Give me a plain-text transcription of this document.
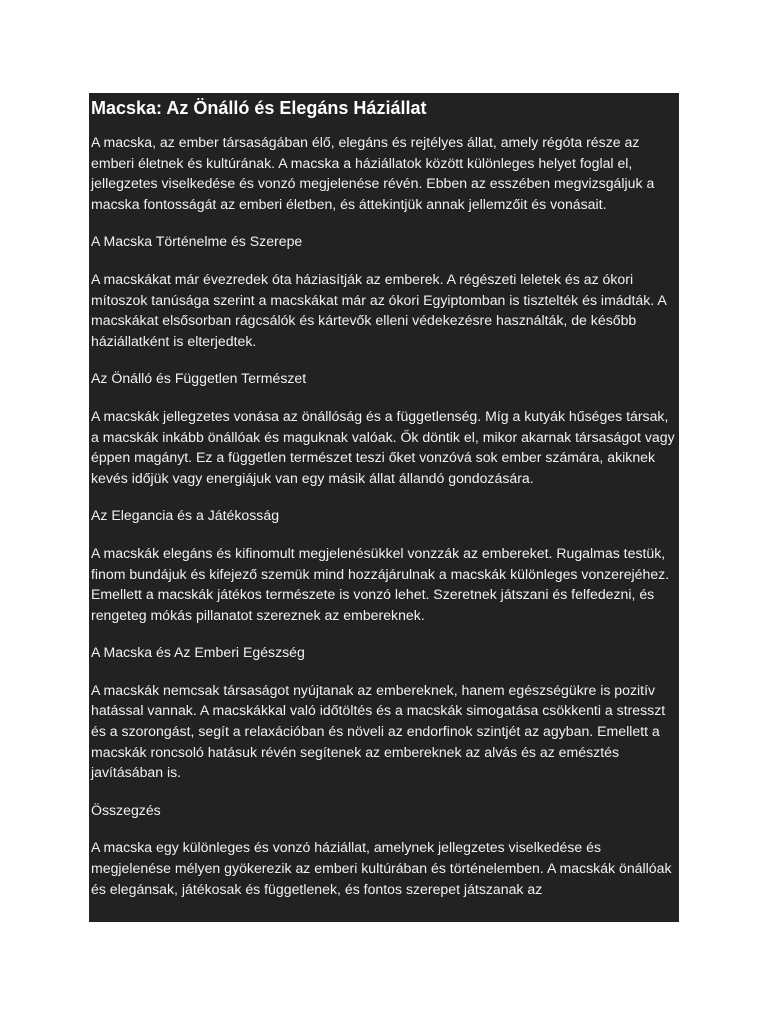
Macska: Az Önálló és Elegáns Háziállat

A macska, az ember társaságában élő, elegáns és rejtélyes állat, amely régóta része az emberi életnek és kultúrának. A macska a háziállatok között különleges helyet foglal el, jellegzetes viselkedése és vonzó megjelenése révén. Ebben az esszében megvizsgáljuk a macska fontosságát az emberi életben, és áttekintjük annak jellemzőit és vonásait.

A Macska Történelme és Szerepe

A macskákat már évezredek óta háziasítják az emberek. A régészeti leletek és az ókori mítoszok tanúsága szerint a macskákat már az ókori Egyiptomban is tisztelték és imádták. A macskákat elsősorban rágcsálók és kártevők elleni védekezésre használták, de később háziállatként is elterjedtek.

Az Önálló és Független Természet

A macskák jellegzetes vonása az önállóság és a függetlenség. Míg a kutyák hűséges társak, a macskák inkább önállóak és maguknak valóak. Ők döntik el, mikor akarnak társaságot vagy éppen magányt. Ez a független természet teszi őket vonzóvá sok ember számára, akiknek kevés időjük vagy energiájuk van egy másik állat állandó gondozására.

Az Elegancia és a Játékosság

A macskák elegáns és kifinomult megjelenésükkel vonzzák az embereket. Rugalmas testük, finom bundájuk és kifejező szemük mind hozzájárulnak a macskák különleges vonzerejéhez. Emellett a macskák játékos természete is vonzó lehet. Szeretnek játszani és felfedezni, és rengeteg mókás pillanatot szereznek az embereknek.

A Macska és Az Emberi Egészség

A macskák nemcsak társaságot nyújtanak az embereknek, hanem egészségükre is pozitív hatással vannak. A macskákkal való időtöltés és a macskák simogatása csökkenti a stresszt és a szorongást, segít a relaxációban és növeli az endorfinok szintjét az agyban. Emellett a macskák roncsoló hatásuk révén segítenek az embereknek az alvás és az emésztés javításában is.

Összegzés

A macska egy különleges és vonzó háziállat, amelynek jellegzetes viselkedése és megjelenése mélyen gyökerezik az emberi kultúrában és történelemben. A macskák önállóak és elegánsak, játékosak és függetlenek, és fontos szerepet játszanak az
